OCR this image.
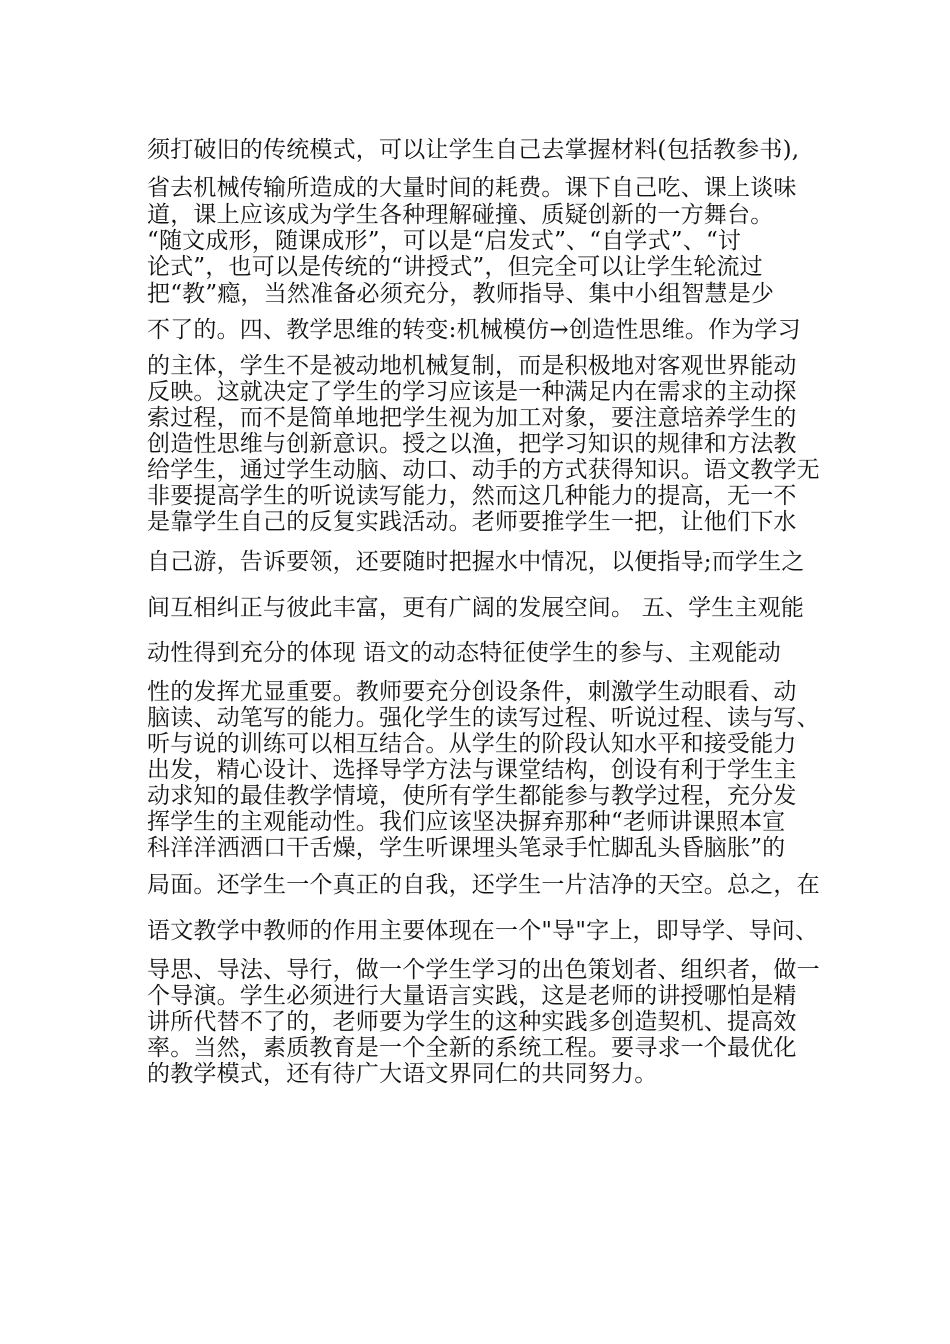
须打破旧的传统模式，可以让学生自己去掌握材料(包括教参书),

省去机械传输所造成的大量时间的耗费。课下自己吃、课上谈味

道，课上应该成为学生各种理解碰撞、质疑创新的一方舞台。

“随文成形，随课成形”，可以是“启发式”、“自学式”、“讨

论式”，也可以是传统的“讲授式”，但完全可以让学生轮流过

把“教”瘾，当然准备必须充分，教师指导、集中小组智慧是少

不了的。四、教学思维的转变:机械模仿→创造性思维。作为学习

的主体，学生不是被动地机械复制，而是积极地对客观世界能动

反映。这就决定了学生的学习应该是一种满足内在需求的主动探

索过程，而不是简单地把学生视为加工对象，要注意培养学生的

创造性思维与创新意识。授之以渔，把学习知识的规律和方法教

给学生，通过学生动脑、动口、动手的方式获得知识。语文教学无

非要提高学生的听说读写能力，然而这几种能力的提高，无一不

是靠学生自己的反复实践活动。老师要推学生一把，让他们下水

自己游，告诉要领，还要随时把握水中情况，以便指导;而学生之

间互相纠正与彼此丰富，更有广阔的发展空间。 五、学生主观能

动性得到充分的体现 语文的动态特征使学生的参与、主观能动

性的发挥尤显重要。教师要充分创设条件，刺激学生动眼看、动

脑读、动笔写的能力。强化学生的读写过程、听说过程、读与写、

听与说的训练可以相互结合。从学生的阶段认知水平和接受能力

出发，精心设计、选择导学方法与课堂结构，创设有利于学生主

动求知的最佳教学情境，使所有学生都能参与教学过程，充分发

挥学生的主观能动性。我们应该坚决摒弃那种“老师讲课照本宣

科洋洋洒洒口干舌燥，学生听课埋头笔录手忙脚乱头昏脑胀”的

局面。还学生一个真正的自我，还学生一片洁净的天空。总之，在

语文教学中教师的作用主要体现在一个"导"字上，即导学、导问、

导思、导法、导行，做一个学生学习的出色策划者、组织者，做一

个导演。学生必须进行大量语言实践，这是老师的讲授哪怕是精

讲所代替不了的，老师要为学生的这种实践多创造契机、提高效

率。当然，素质教育是一个全新的系统工程。要寻求一个最优化

的教学模式，还有待广大语文界同仁的共同努力。
